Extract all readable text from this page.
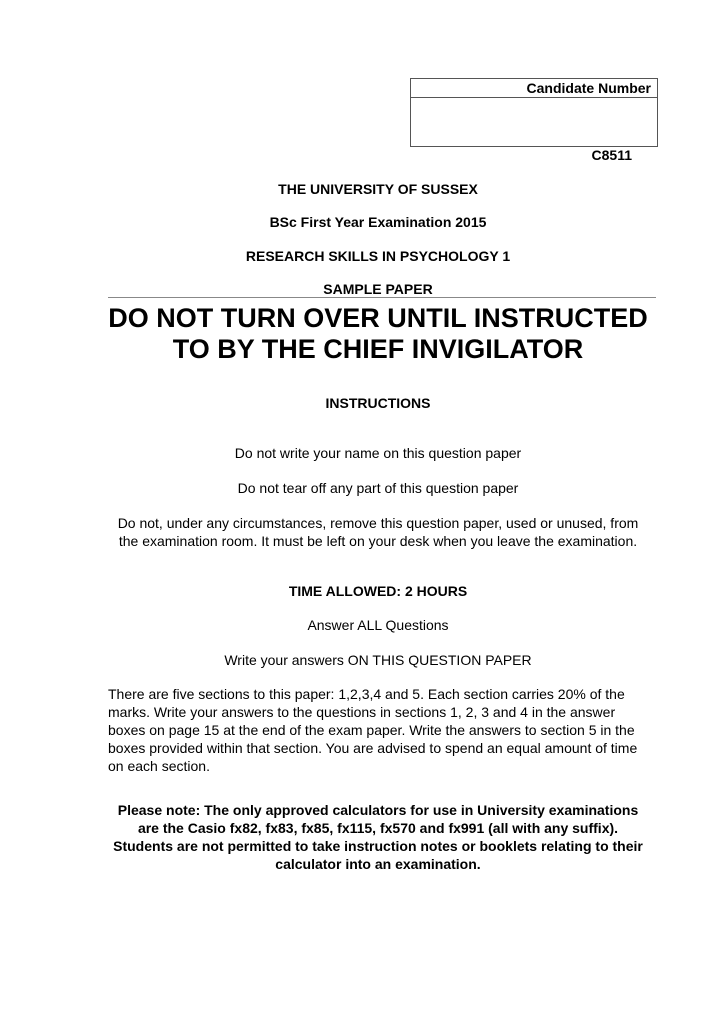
Candidate Number
C8511
THE UNIVERSITY OF SUSSEX
BSc First Year Examination 2015
RESEARCH SKILLS IN PSYCHOLOGY 1
SAMPLE PAPER
DO NOT TURN OVER UNTIL INSTRUCTED
TO BY THE CHIEF INVIGILATOR
INSTRUCTIONS
Do not write your name on this question paper
Do not tear off any part of this question paper
Do not, under any circumstances, remove this question paper, used or unused, from the examination room. It must be left on your desk when you leave the examination.
TIME ALLOWED: 2 HOURS
Answer ALL Questions
Write your answers ON THIS QUESTION PAPER
There are five sections to this paper: 1,2,3,4 and 5. Each section carries 20% of the marks. Write your answers to the questions in sections 1, 2, 3 and 4 in the answer boxes on page 15 at the end of the exam paper. Write the answers to section 5 in the boxes provided within that section. You are advised to spend an equal amount of time on each section.
Please note: The only approved calculators for use in University examinations are the Casio fx82, fx83, fx85, fx115, fx570 and fx991 (all with any suffix). Students are not permitted to take instruction notes or booklets relating to their calculator into an examination.
